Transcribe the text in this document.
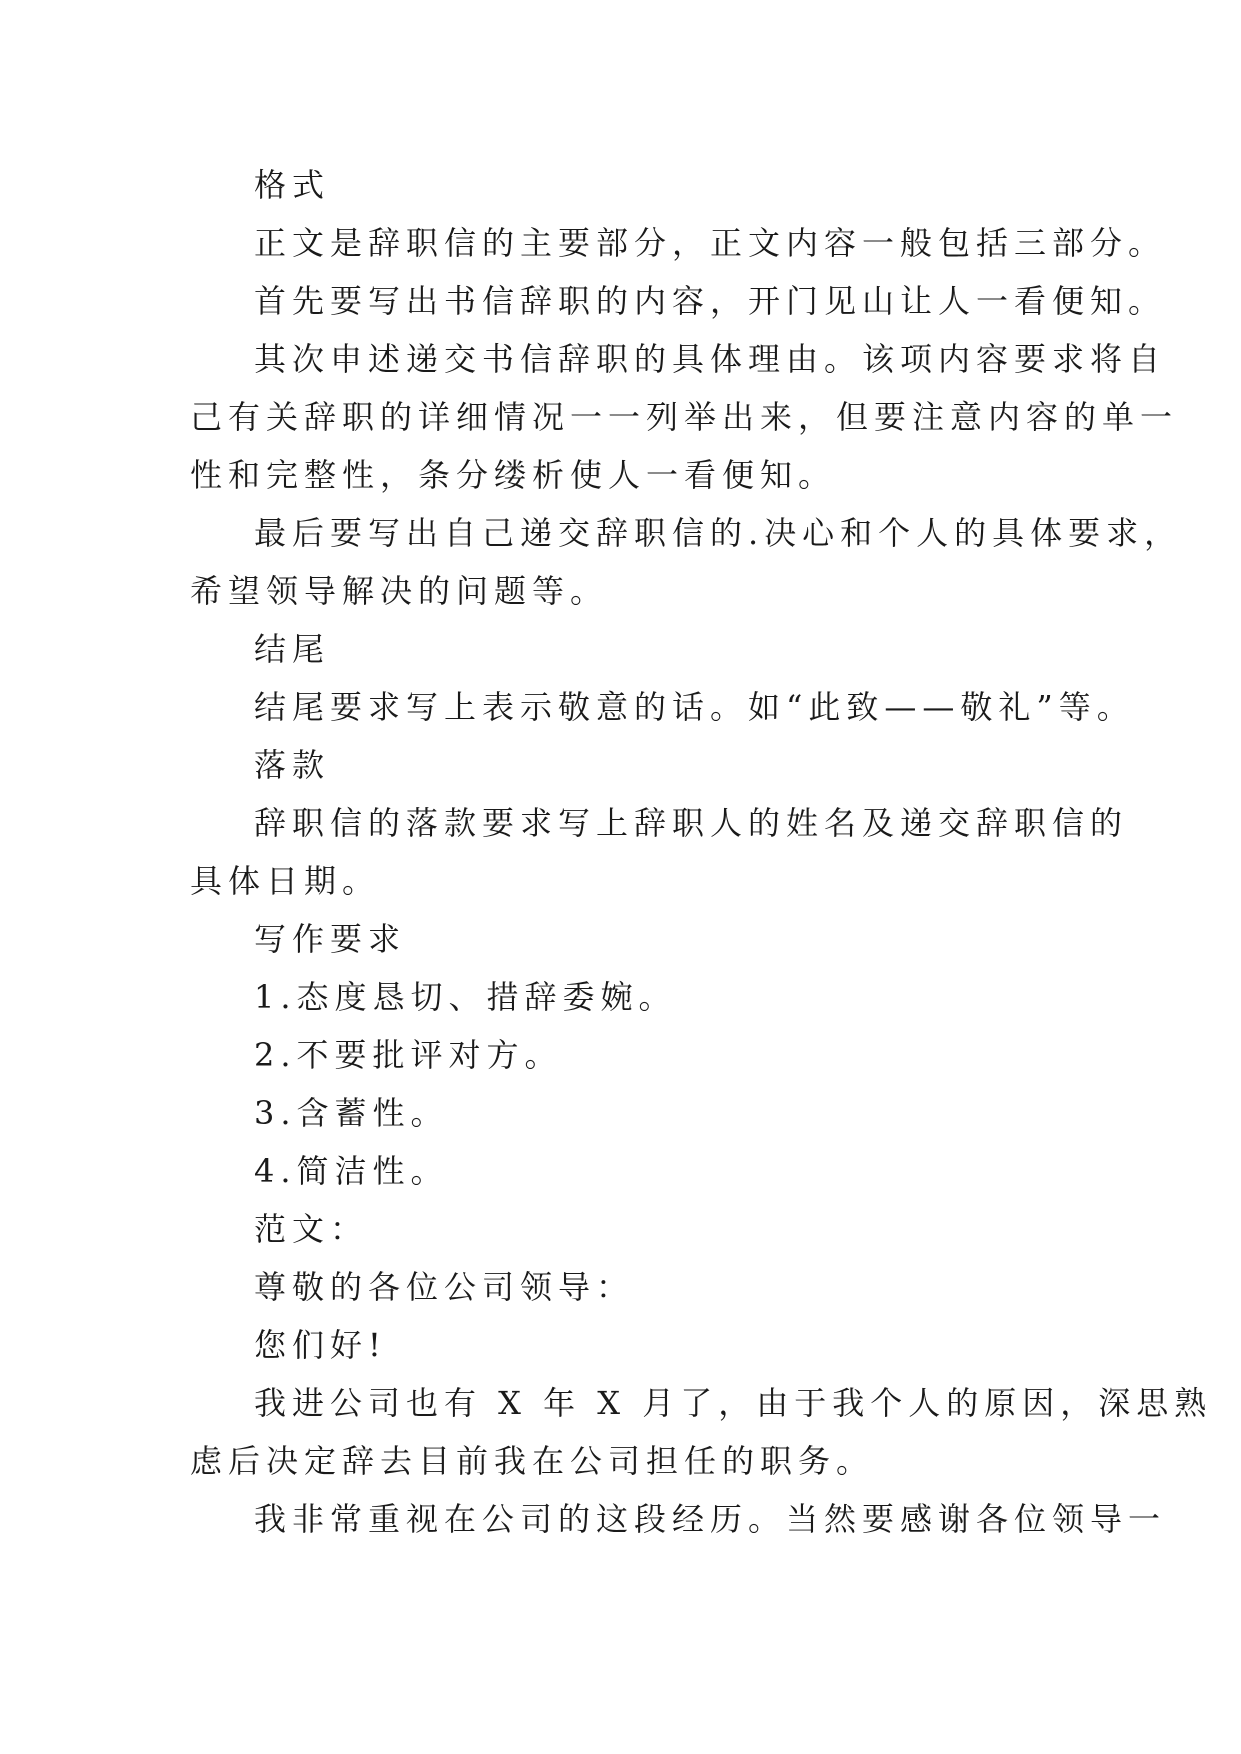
格式

正文是辞职信的主要部分，正文内容一般包括三部分。

首先要写出书信辞职的内容，开门见山让人一看便知。

其次申述递交书信辞职的具体理由。该项内容要求将自
己有关辞职的详细情况一一列举出来，但要注意内容的单一
性和完整性，条分缕析使人一看便知。

最后要写出自己递交辞职信的.决心和个人的具体要求，
希望领导解决的问题等。

结尾

结尾要求写上表示敬意的话。如“此致——敬礼”等。

落款

辞职信的落款要求写上辞职人的姓名及递交辞职信的
具体日期。

写作要求

1.态度恳切、措辞委婉。

2.不要批评对方。

3.含蓄性。

4.简洁性。

范文：

尊敬的各位公司领导：

您们好!

我进公司也有 X 年 X 月了，由于我个人的原因，深思熟
虑后决定辞去目前我在公司担任的职务。

我非常重视在公司的这段经历。当然要感谢各位领导一
